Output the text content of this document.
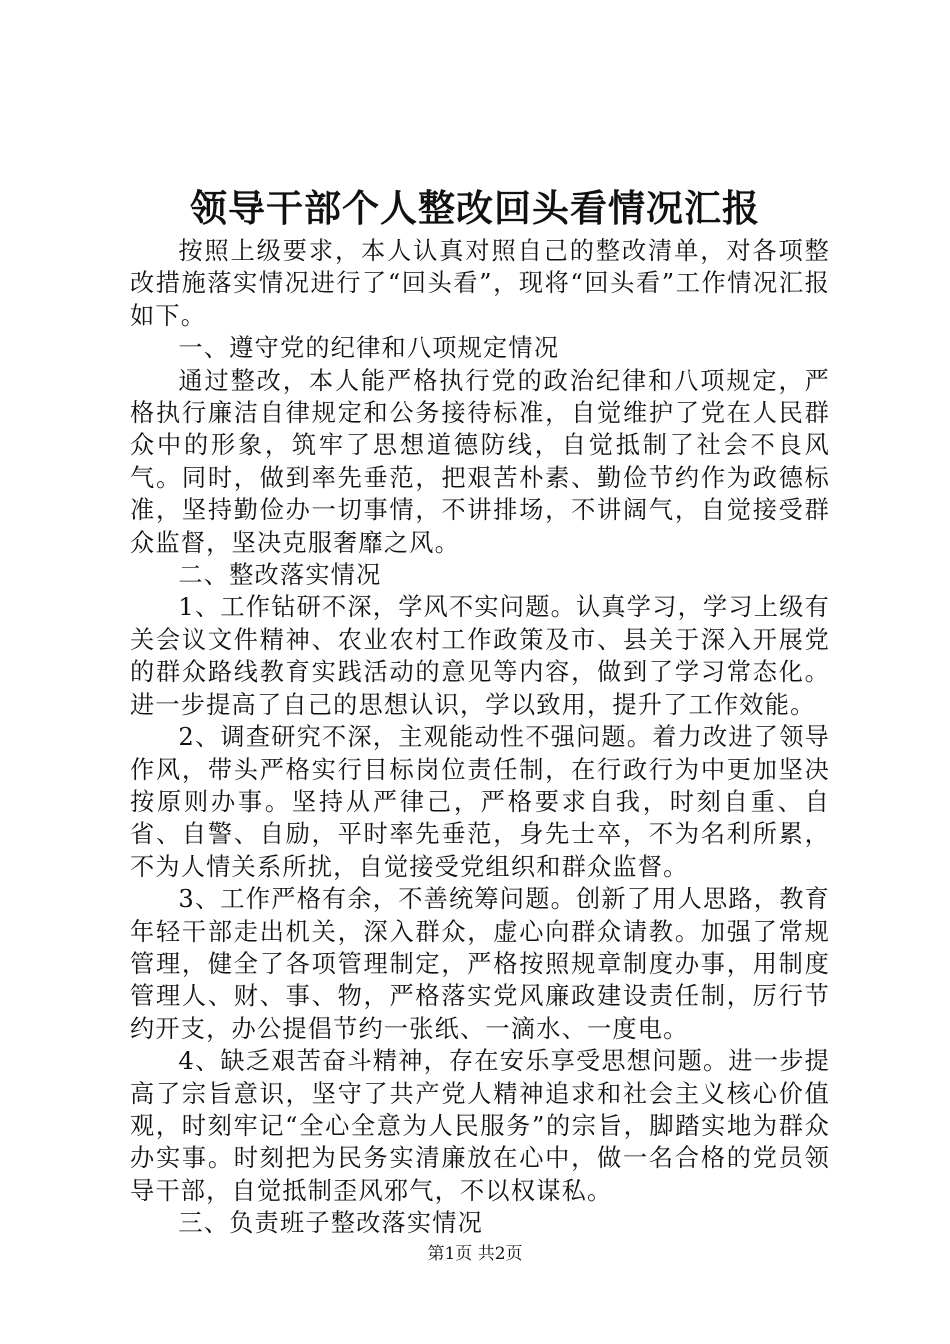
领导干部个人整改回头看情况汇报

按照上级要求，本人认真对照自己的整改清单，对各项整改措施落实情况进行了“回头看”，现将“回头看”工作情况汇报如下。

一、遵守党的纪律和八项规定情况

通过整改，本人能严格执行党的政治纪律和八项规定，严格执行廉洁自律规定和公务接待标准，自觉维护了党在人民群众中的形象，筑牢了思想道德防线，自觉抵制了社会不良风气。同时，做到率先垂范，把艰苦朴素、勤俭节约作为政德标准，坚持勤俭办一切事情，不讲排场，不讲阔气，自觉接受群众监督，坚决克服奢靡之风。

二、整改落实情况

1、工作钻研不深，学风不实问题。认真学习，学习上级有关会议文件精神、农业农村工作政策及市、县关于深入开展党的群众路线教育实践活动的意见等内容，做到了学习常态化。进一步提高了自己的思想认识，学以致用，提升了工作效能。

2、调查研究不深，主观能动性不强问题。着力改进了领导作风，带头严格实行目标岗位责任制，在行政行为中更加坚决按原则办事。坚持从严律己，严格要求自我，时刻自重、自省、自警、自励，平时率先垂范，身先士卒，不为名利所累，不为人情关系所扰，自觉接受党组织和群众监督。

3、工作严格有余，不善统筹问题。创新了用人思路，教育年轻干部走出机关，深入群众，虚心向群众请教。加强了常规管理，健全了各项管理制定，严格按照规章制度办事，用制度管理人、财、事、物，严格落实党风廉政建设责任制，厉行节约开支，办公提倡节约一张纸、一滴水、一度电。

4、缺乏艰苦奋斗精神，存在安乐享受思想问题。进一步提高了宗旨意识，坚守了共产党人精神追求和社会主义核心价值观，时刻牢记“全心全意为人民服务”的宗旨，脚踏实地为群众办实事。时刻把为民务实清廉放在心中，做一名合格的党员领导干部，自觉抵制歪风邪气，不以权谋私。

三、负责班子整改落实情况

第1页 共2页
